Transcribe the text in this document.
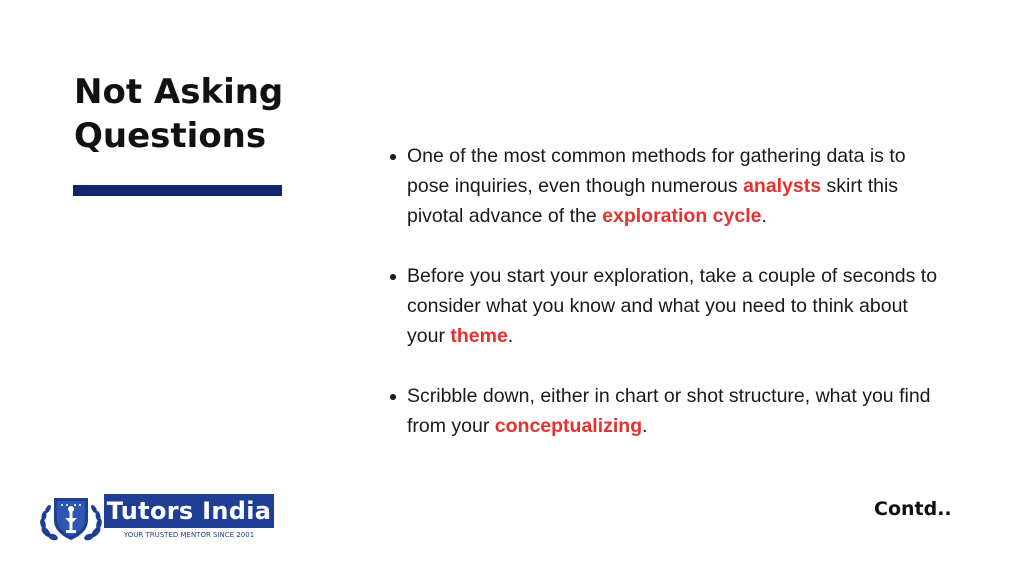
Not Asking
Questions	One of the most common methods for gathering data is to pose inquiries, even though numerous analysts skirt this pivotal advance of the exploration cycle.
Before you start your exploration, take a couple of seconds to consider what you know and what you need to think about your theme.
Scribble down, either in chart or shot structure, what you find from your conceptualizing.
Tutors India
YOUR TRUSTED MENTOR SINCE 2001
Contd..
